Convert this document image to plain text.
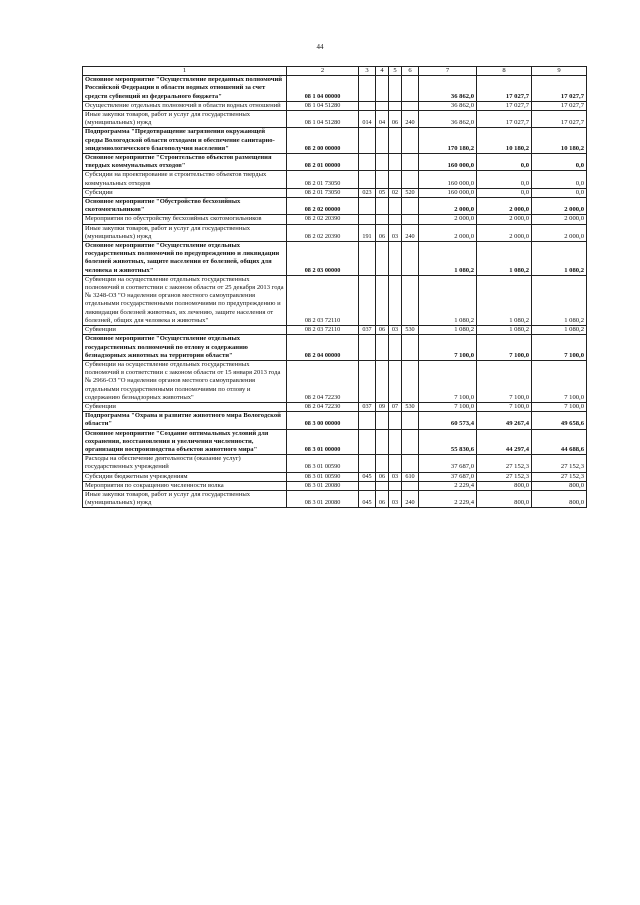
44
1	2	3	4	5	6	7	8	9
Основное мероприятие "Осуществление переданных полномочий Российской Федерации в области водных отношений за счет средств субвенций из федерального бюджета"	08 1 04 00000					36 862,0	17 027,7	17 027,7
Осуществление отдельных полномочий в области водных отношений	08 1 04 51280					36 862,0	17 027,7	17 027,7
Иные закупки товаров, работ и услуг для государственных (муниципальных) нужд	08 1 04 51280	014	04	06	240	36 862,0	17 027,7	17 027,7
Подпрограмма "Предотвращение загрязнения окружающей среды Вологодской области отходами и обеспечение санитарно-эпидемиологического благополучия населения"	08 2 00 00000					170 180,2	10 180,2	10 180,2
Основное мероприятие "Строительство объектов размещения твердых коммунальных отходов"	08 2 01 00000					160 000,0	0,0	0,0
Субсидии на проектирование и строительство объектов твердых коммунальных отходов	08 2 01 73050					160 000,0	0,0	0,0
Субсидии	08 2 01 73050	023	05	02	520	160 000,0	0,0	0,0
Основное мероприятие "Обустройство бесхозяйных скотомогильников"	08 2 02 00000					2 000,0	2 000,0	2 000,0
Мероприятия по обустройству бесхозяйных скотомогильников	08 2 02 20390					2 000,0	2 000,0	2 000,0
Иные закупки товаров, работ и услуг для государственных (муниципальных) нужд	08 2 02 20390	191	06	03	240	2 000,0	2 000,0	2 000,0
Основное мероприятие "Осуществление отдельных государственных полномочий по предупреждению и ликвидации болезней животных, защите населения от болезней, общих для человека и животных"	08 2 03 00000					1 080,2	1 080,2	1 080,2
Субвенции на осуществление отдельных государственных полномочий в соответствии с законом области от 25 декабря 2013 года № 3248-ОЗ "О наделении органов местного самоуправления отдельными государственными полномочиями по предупреждению и ликвидации болезней животных, их лечению, защите населения от болезней, общих для человека и животных"	08 2 03 72110					1 080,2	1 080,2	1 080,2
Субвенции	08 2 03 72110	037	06	03	530	1 080,2	1 080,2	1 080,2
Основное мероприятие "Осуществление отдельных государственных полномочий по отлову и содержанию безнадзорных животных на территории области"	08 2 04 00000					7 100,0	7 100,0	7 100,0
Субвенции на осуществление отдельных государственных полномочий в соответствии с законом области от 15 января 2013 года № 2966-ОЗ "О наделении органов местного самоуправления отдельными государственными полномочиями по отлову и содержанию безнадзорных животных"	08 2 04 72230					7 100,0	7 100,0	7 100,0
Субвенции	08 2 04 72230	037	09	07	530	7 100,0	7 100,0	7 100,0
Подпрограмма "Охрана и развитие животного мира Вологодской области"	08 3 00 00000					60 573,4	49 267,4	49 658,6
Основное мероприятие "Создание оптимальных условий для сохранения, восстановления и увеличения численности, организации воспроизводства объектов животного мира"	08 3 01 00000					55 830,6	44 297,4	44 688,6
Расходы на обеспечение деятельности (оказание услуг) государственных учреждений	08 3 01 00590					37 687,0	27 152,3	27 152,3
Субсидии бюджетным учреждениям	08 3 01 00590	045	06	03	610	37 687,0	27 152,3	27 152,3
Мероприятия по сокращению численности волка	08 3 01 20080					2 229,4	800,0	800,0
Иные закупки товаров, работ и услуг для государственных (муниципальных) нужд	08 3 01 20080	045	06	03	240	2 229,4	800,0	800,0
